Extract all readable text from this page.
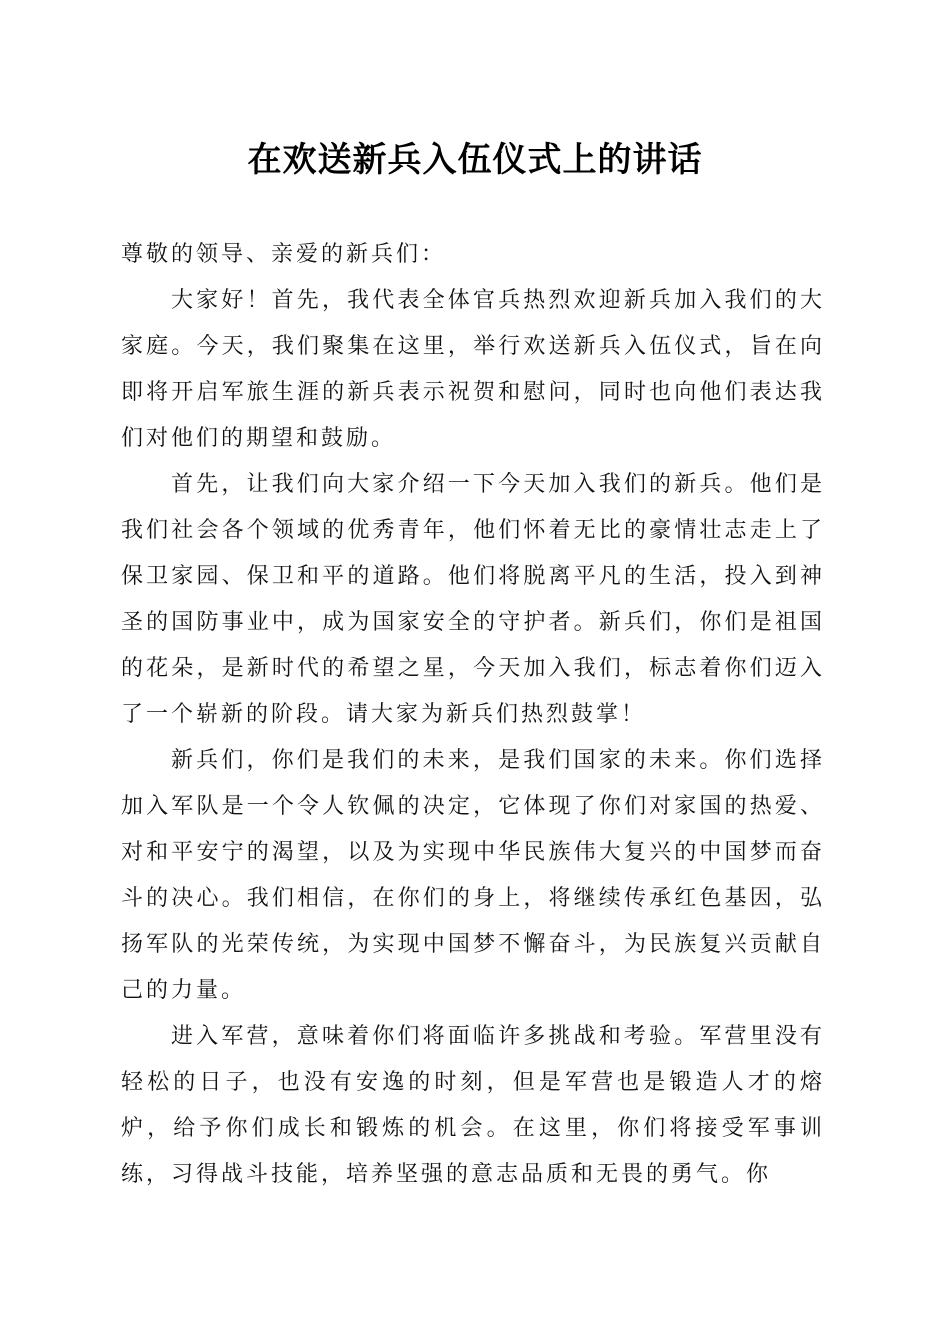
在欢送新兵入伍仪式上的讲话

尊敬的领导、亲爱的新兵们：

大家好！首先，我代表全体官兵热烈欢迎新兵加入我们的大家庭。今天，我们聚集在这里，举行欢送新兵入伍仪式，旨在向即将开启军旅生涯的新兵表示祝贺和慰问，同时也向他们表达我们对他们的期望和鼓励。

首先，让我们向大家介绍一下今天加入我们的新兵。他们是我们社会各个领域的优秀青年，他们怀着无比的豪情壮志走上了保卫家园、保卫和平的道路。他们将脱离平凡的生活，投入到神圣的国防事业中，成为国家安全的守护者。新兵们，你们是祖国的花朵，是新时代的希望之星，今天加入我们，标志着你们迈入了一个崭新的阶段。请大家为新兵们热烈鼓掌！

新兵们，你们是我们的未来，是我们国家的未来。你们选择加入军队是一个令人钦佩的决定，它体现了你们对家国的热爱、对和平安宁的渴望，以及为实现中华民族伟大复兴的中国梦而奋斗的决心。我们相信，在你们的身上，将继续传承红色基因，弘扬军队的光荣传统，为实现中国梦不懈奋斗，为民族复兴贡献自己的力量。

进入军营，意味着你们将面临许多挑战和考验。军营里没有轻松的日子，也没有安逸的时刻，但是军营也是锻造人才的熔炉，给予你们成长和锻炼的机会。在这里，你们将接受军事训练，习得战斗技能，培养坚强的意志品质和无畏的勇气。你
